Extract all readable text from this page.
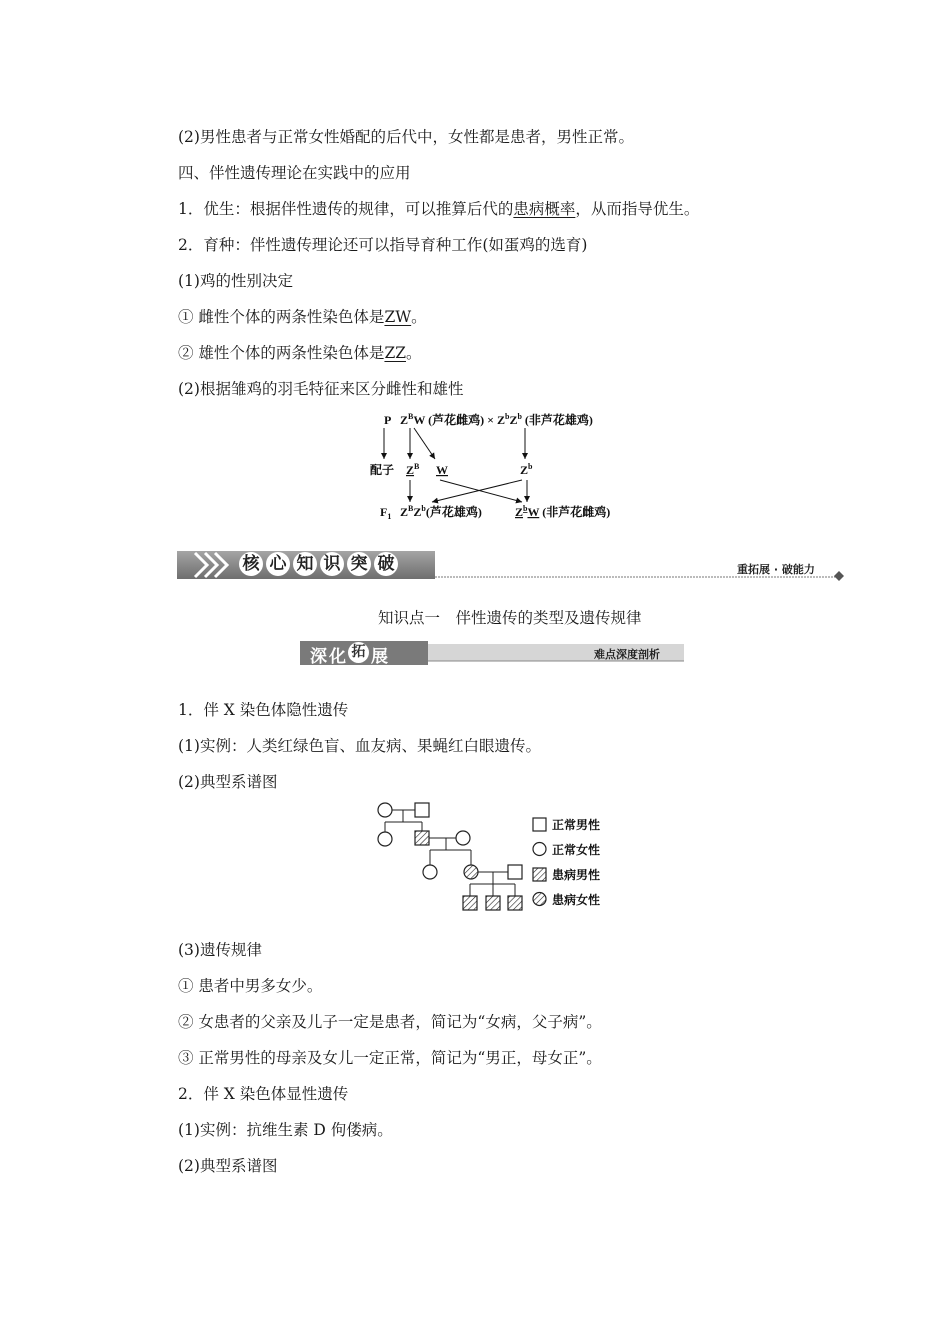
(2)男性患者与正常女性婚配的后代中，女性都是患者，男性正常。
四、伴性遗传理论在实践中的应用
1．优生：根据伴性遗传的规律，可以推算后代的患病概率，从而指导优生。
2．育种：伴性遗传理论还可以指导育种工作(如蛋鸡的选育)
(1)鸡的性别决定
① 雌性个体的两条性染色体是ZW。
② 雄性个体的两条性染色体是ZZ。
(2)根据雏鸡的羽毛特征来区分雌性和雄性
P $Z^BW$ (芦花雌鸡) × $Z^bZ^b$ (非芦花雄鸡)
配子 $Z^B$ W	$Z^b$
$F_1$ $Z^BZ^b$(芦花雄鸡)	$Z^bW$ (非芦花雌鸡)
核 心 知 识 突 破	重拓展 · 破能力
知识点一　伴性遗传的类型及遗传规律
深 化 拓 展	难点深度剖析
1．伴 X 染色体隐性遗传
(1)实例：人类红绿色盲、血友病、果蝇红白眼遗传。
(2)典型系谱图
正常男性
正常女性
患病男性
患病女性
(3)遗传规律
① 患者中男多女少。
② 女患者的父亲及儿子一定是患者，简记为“女病，父子病”。
③ 正常男性的母亲及女儿一定正常，简记为“男正，母女正”。
2．伴 X 染色体显性遗传
(1)实例：抗维生素 D 佝偻病。
(2)典型系谱图
